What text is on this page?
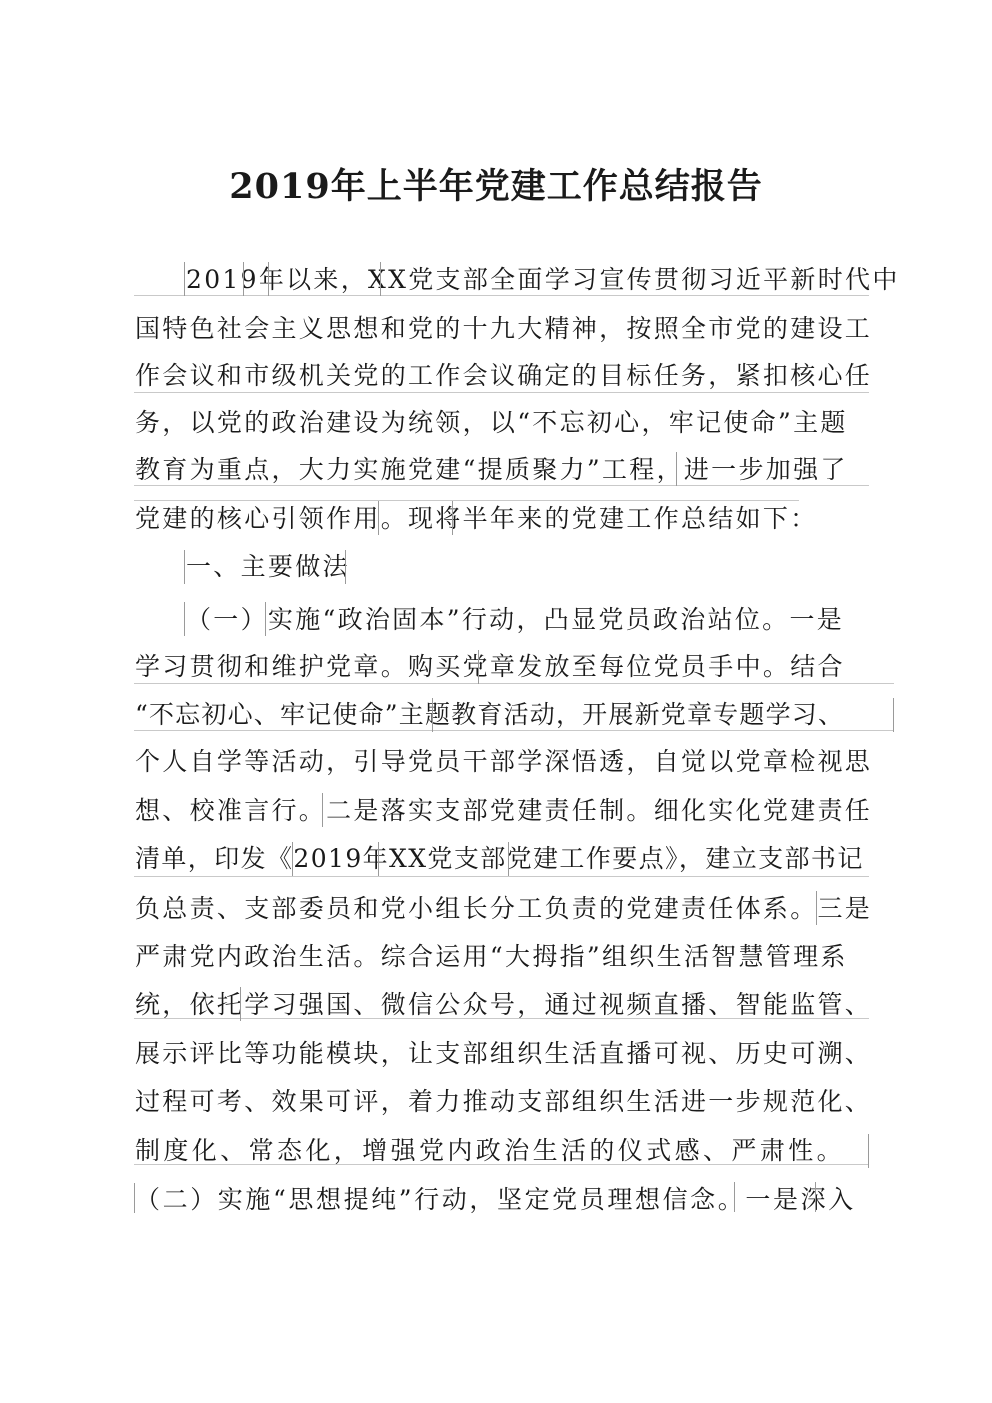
2019年上半年党建工作总结报告
2019年以来，XX党支部全面学习宣传贯彻习近平新时代中
国特色社会主义思想和党的十九大精神，按照全市党的建设工
作会议和市级机关党的工作会议确定的目标任务，紧扣核心任
务，以党的政治建设为统领，以“不忘初心，牢记使命”主题
教育为重点，大力实施党建“提质聚力”工程，进一步加强了
党建的核心引领作用。现将半年来的党建工作总结如下：
一、主要做法
（一）实施“政治固本”行动，凸显党员政治站位。一是
学习贯彻和维护党章。购买党章发放至每位党员手中。结合
“不忘初心、牢记使命”主题教育活动，开展新党章专题学习、
个人自学等活动，引导党员干部学深悟透，自觉以党章检视思
想、校准言行。二是落实支部党建责任制。细化实化党建责任
清单，印发《2019年XX党支部党建工作要点》，建立支部书记
负总责、支部委员和党小组长分工负责的党建责任体系。三是
严肃党内政治生活。综合运用“大拇指”组织生活智慧管理系
统，依托学习强国、微信公众号，通过视频直播、智能监管、
展示评比等功能模块，让支部组织生活直播可视、历史可溯、
过程可考、效果可评，着力推动支部组织生活进一步规范化、
制度化、常态化，增强党内政治生活的仪式感、严肃性。
（二）实施“思想提纯”行动，坚定党员理想信念。一是深入
